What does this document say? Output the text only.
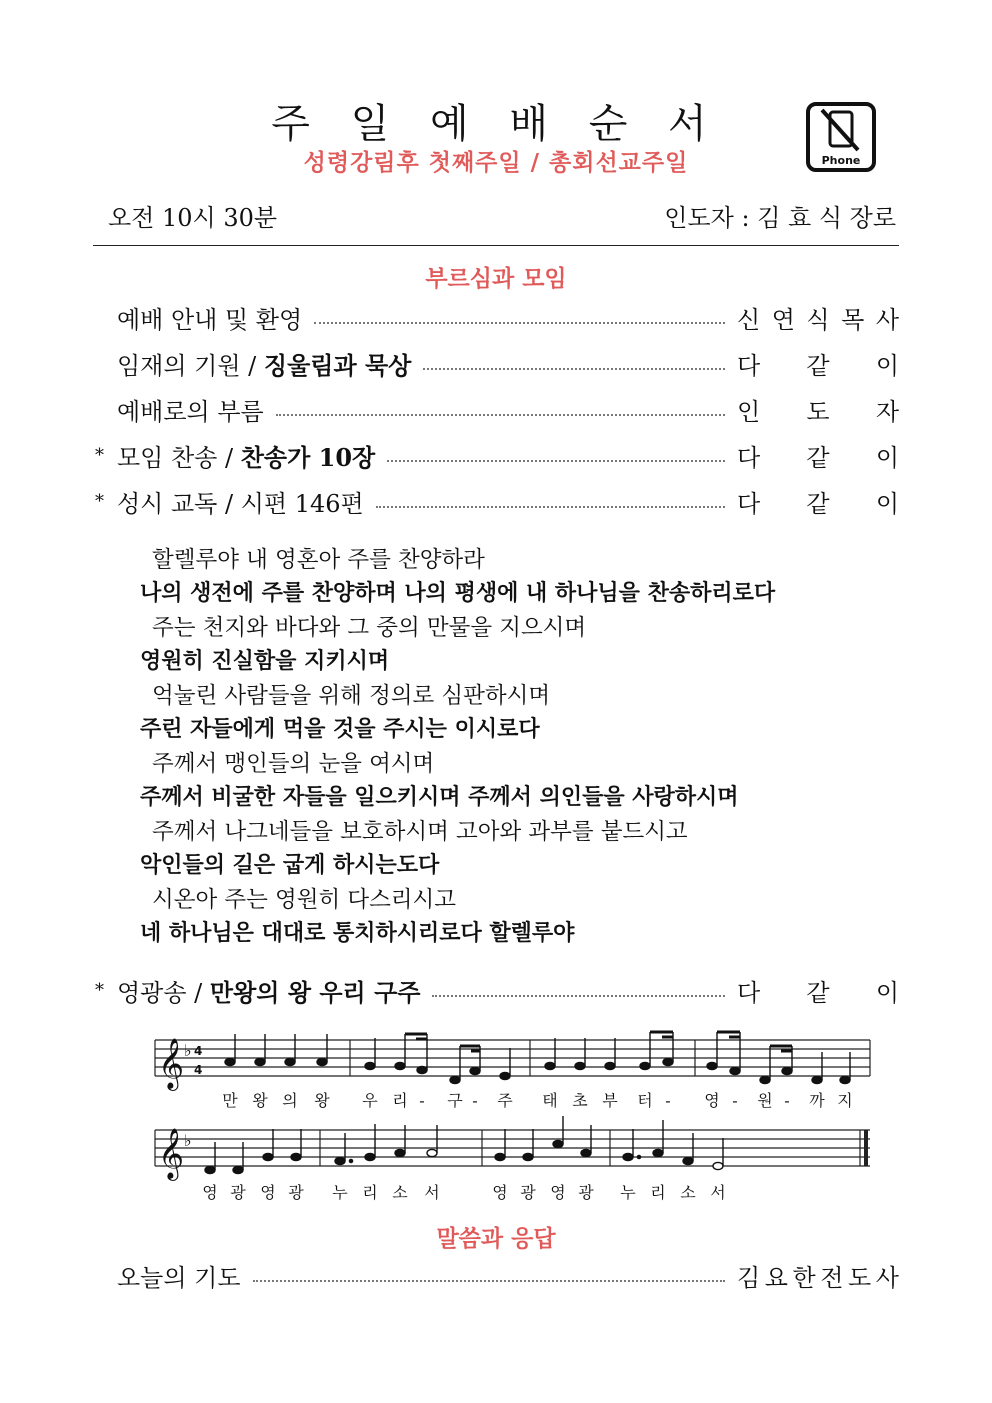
주 일 예 배 순 서
성령강림후 첫째주일 / 총회선교주일	Phone
오전 10시 30분	인도자 : 김 효 식 장로
부르심과 모임
예배 안내 및 환영	신 연 식 목 사
임재의 기원 / 징울림과 묵상	다 같 이
예배로의 부름	인 도 자
* 모임 찬송 / 찬송가 10장	다 같 이
* 성시 교독 / 시편 146편	다 같 이
할렐루야 내 영혼아 주를 찬양하라
나의 생전에 주를 찬양하며 나의 평생에 내 하나님을 찬송하리로다
주는 천지와 바다와 그 중의 만물을 지으시며
영원히 진실함을 지키시며
억눌린 사람들을 위해 정의로 심판하시며
주린 자들에게 먹을 것을 주시는 이시로다
주께서 맹인들의 눈을 여시며
주께서 비굴한 자들을 일으키시며 주께서 의인들을 사랑하시며
주께서 나그네들을 보호하시며 고아와 과부를 붙드시고
악인들의 길은 굽게 하시는도다
시온아 주는 영원히 다스리시고
네 하나님은 대대로 통치하시리로다 할렐루야
* 영광송 / 만왕의 왕 우리 구주	다 같 이
𝄞 ♭ 4
4
만 왕 의 왕 우 리 - 구 - 주 태 초 부 터 - 영 - 원 - 까 지
𝄞 ♭
영 광 영 광 누 리 소 서	영 광 영 광 누 리 소 서
말씀과 응답
오늘의 기도	김 요 한 전 도 사
